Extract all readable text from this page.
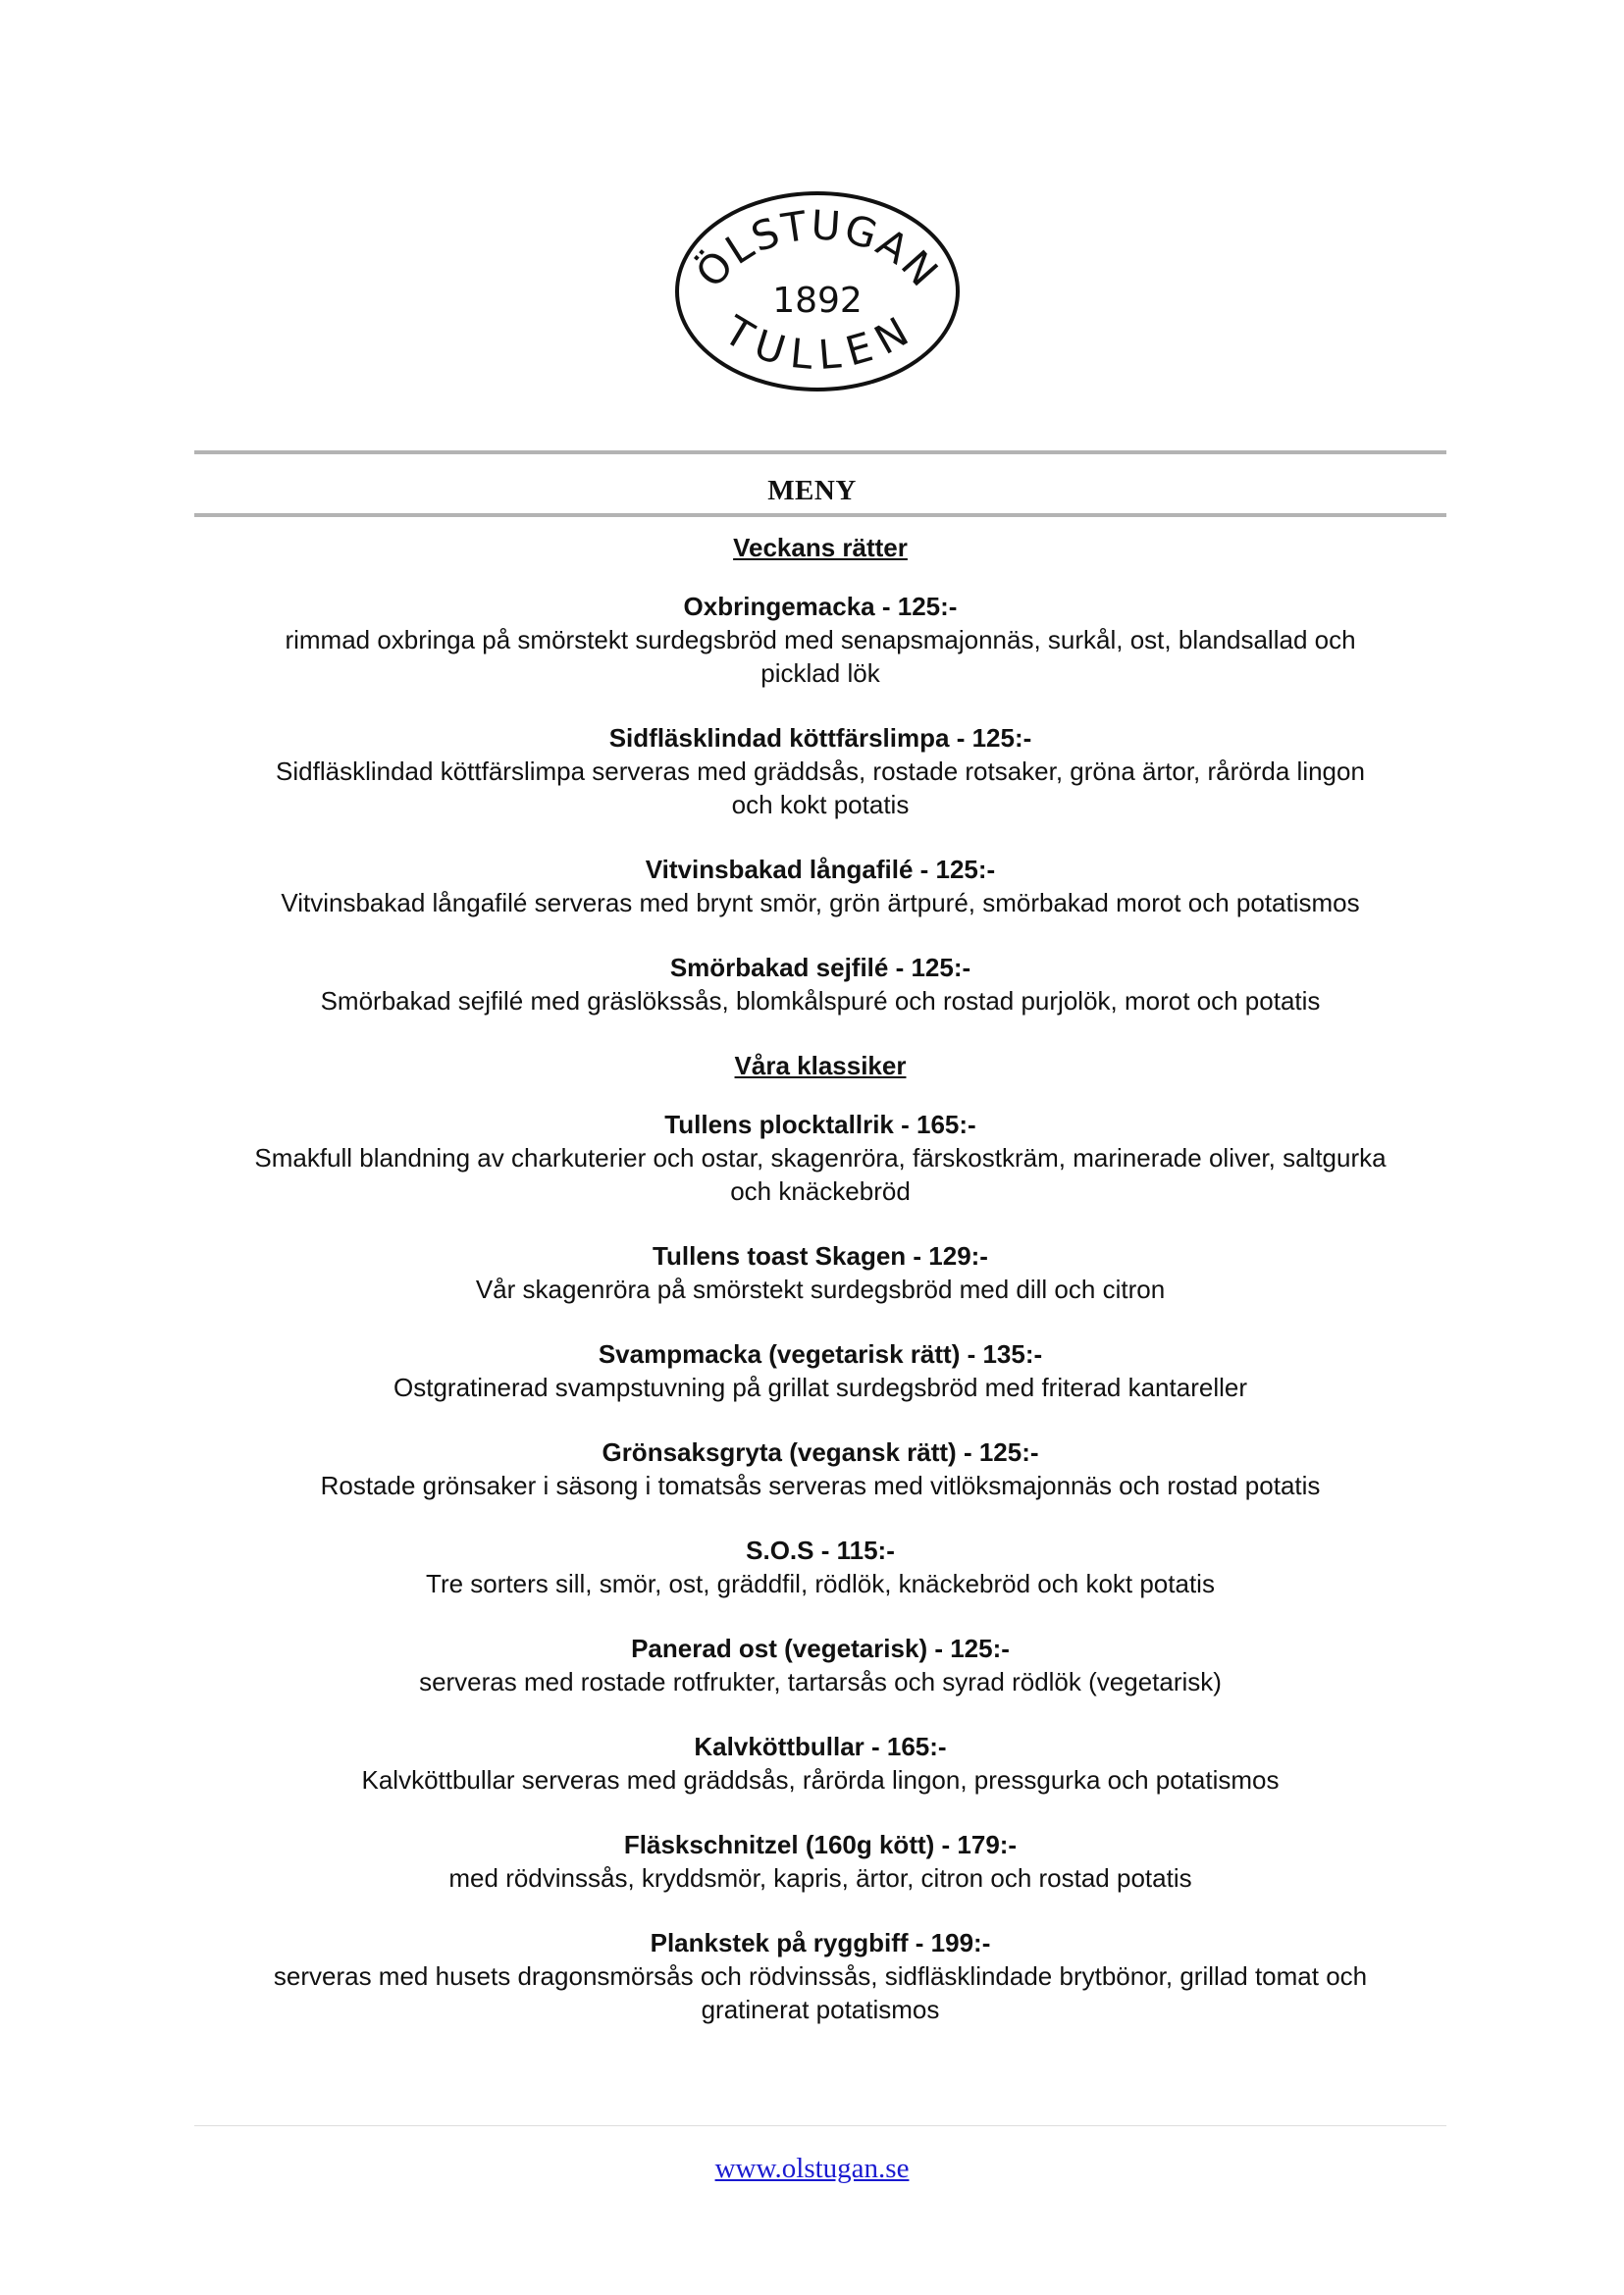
ÖLSTUGAN
1892
TULLEN
MENY
Veckans rätter
Oxbringemacka - 125:-
rimmad oxbringa på smörstekt surdegsbröd med senapsmajonnäs, surkål, ost, blandsallad och picklad lök
Sidfläsklindad köttfärslimpa - 125:-
Sidfläsklindad köttfärslimpa serveras med gräddsås, rostade rotsaker, gröna ärtor, rårörda lingon och kokt potatis
Vitvinsbakad långafilé - 125:-
Vitvinsbakad långafilé serveras med brynt smör, grön ärtpuré, smörbakad morot och potatismos
Smörbakad sejfilé - 125:-
Smörbakad sejfilé med gräslökssås, blomkålspuré och rostad purjolök, morot och potatis
Våra klassiker
Tullens plocktallrik - 165:-
Smakfull blandning av charkuterier och ostar, skagenröra, färskostkräm, marinerade oliver, saltgurka och knäckebröd
Tullens toast Skagen - 129:-
Vår skagenröra på smörstekt surdegsbröd med dill och citron
Svampmacka (vegetarisk rätt) - 135:-
Ostgratinerad svampstuvning på grillat surdegsbröd med friterad kantareller
Grönsaksgryta (vegansk rätt) - 125:-
Rostade grönsaker i säsong i tomatsås serveras med vitlöksmajonnäs och rostad potatis
S.O.S - 115:-
Tre sorters sill, smör, ost, gräddfil, rödlök, knäckebröd och kokt potatis
Panerad ost (vegetarisk) - 125:-
serveras med rostade rotfrukter, tartarsås och syrad rödlök (vegetarisk)
Kalvköttbullar - 165:-
Kalvköttbullar serveras med gräddsås, rårörda lingon, pressgurka och potatismos
Fläskschnitzel (160g kött) - 179:-
med rödvinssås, kryddsmör, kapris, ärtor, citron och rostad potatis
Plankstek på ryggbiff - 199:-
serveras med husets dragonsmörsås och rödvinssås, sidfläsklindade brytbönor, grillad tomat och gratinerat potatismos
www.olstugan.se
